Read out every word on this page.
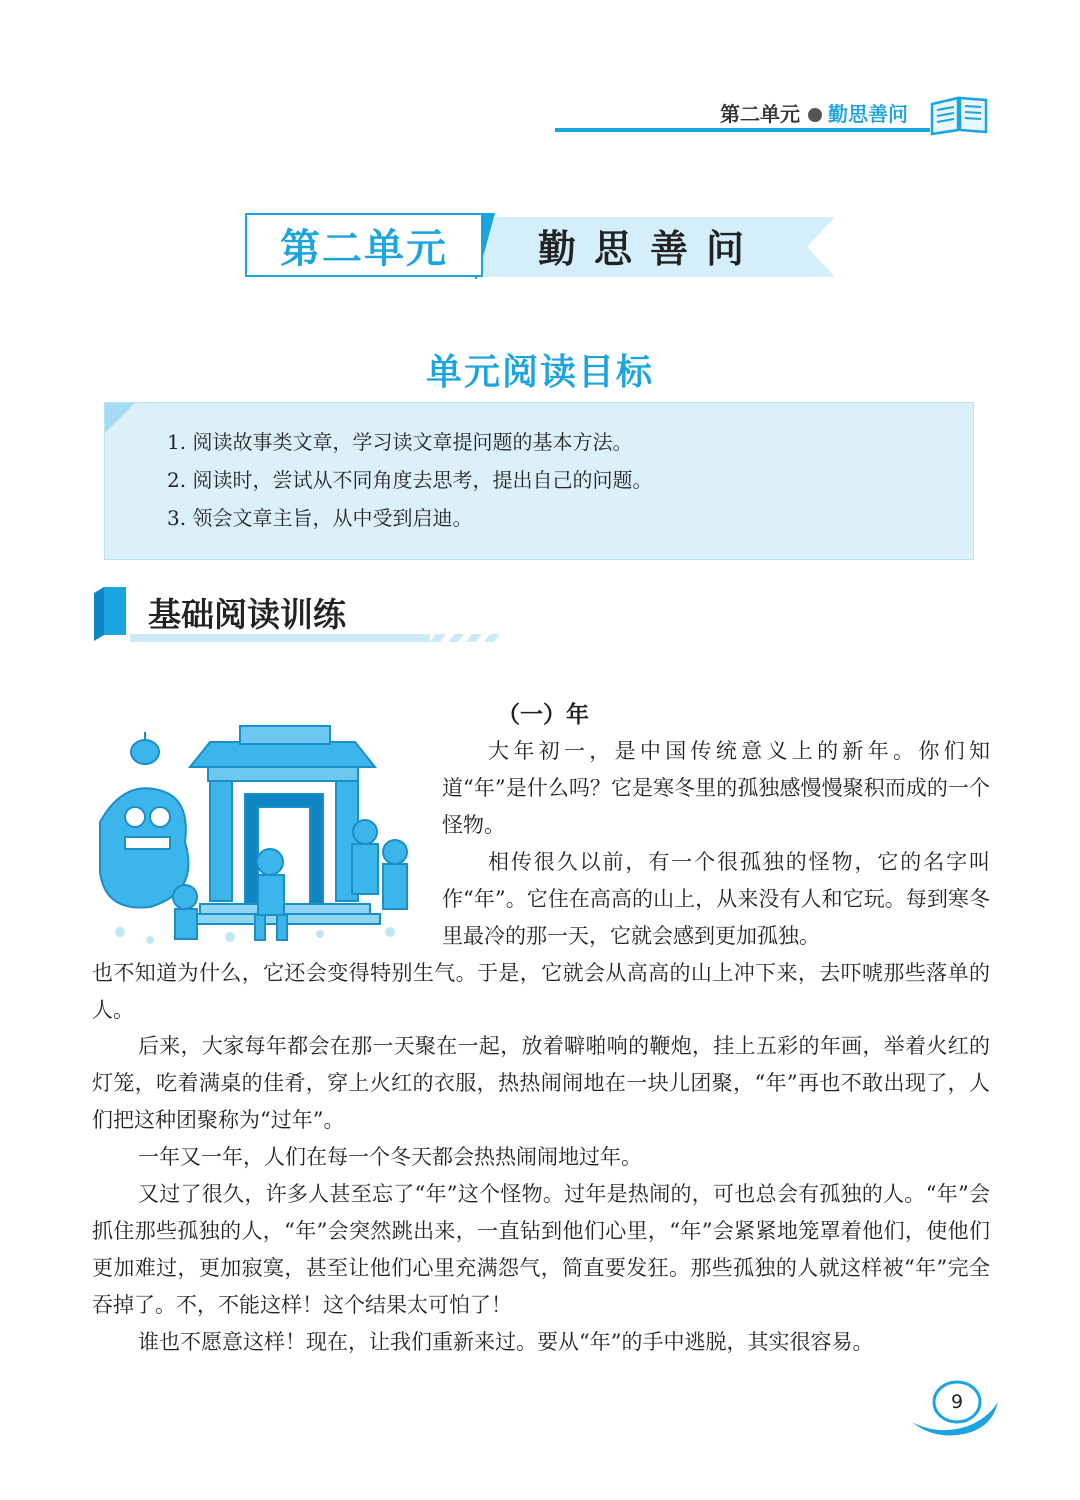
第二单元 勤思善问
第二单元	勤思善问
单元阅读目标
1. 阅读故事类文章，学习读文章提问题的基本方法。
2. 阅读时，尝试从不同角度去思考，提出自己的问题。
3. 领会文章主旨，从中受到启迪。
基础阅读训练
（一）年

大年初一，是中国传统意义上的新年。你们知道“年”是什么吗？它是寒冬里的孤独感慢慢聚积而成的一个怪物。

相传很久以前，有一个很孤独的怪物，它的名字叫作“年”。它住在高高的山上，从来没有人和它玩。每到寒冬里最冷的那一天，它就会感到更加孤独。

也不知道为什么，它还会变得特别生气。于是，它就会从高高的山上冲下来，去吓唬那些落单的人。

后来，大家每年都会在那一天聚在一起，放着噼啪响的鞭炮，挂上五彩的年画，举着火红的灯笼，吃着满桌的佳肴，穿上火红的衣服，热热闹闹地在一块儿团聚，“年”再也不敢出现了，人们把这种团聚称为“过年”。

一年又一年，人们在每一个冬天都会热热闹闹地过年。

又过了很久，许多人甚至忘了“年”这个怪物。过年是热闹的，可也总会有孤独的人。“年”会抓住那些孤独的人，“年”会突然跳出来，一直钻到他们心里，“年”会紧紧地笼罩着他们，使他们更加难过，更加寂寞，甚至让他们心里充满怨气，简直要发狂。那些孤独的人就这样被“年”完全吞掉了。不，不能这样！这个结果太可怕了！

谁也不愿意这样！现在，让我们重新来过。要从“年”的手中逃脱，其实很容易。

9
